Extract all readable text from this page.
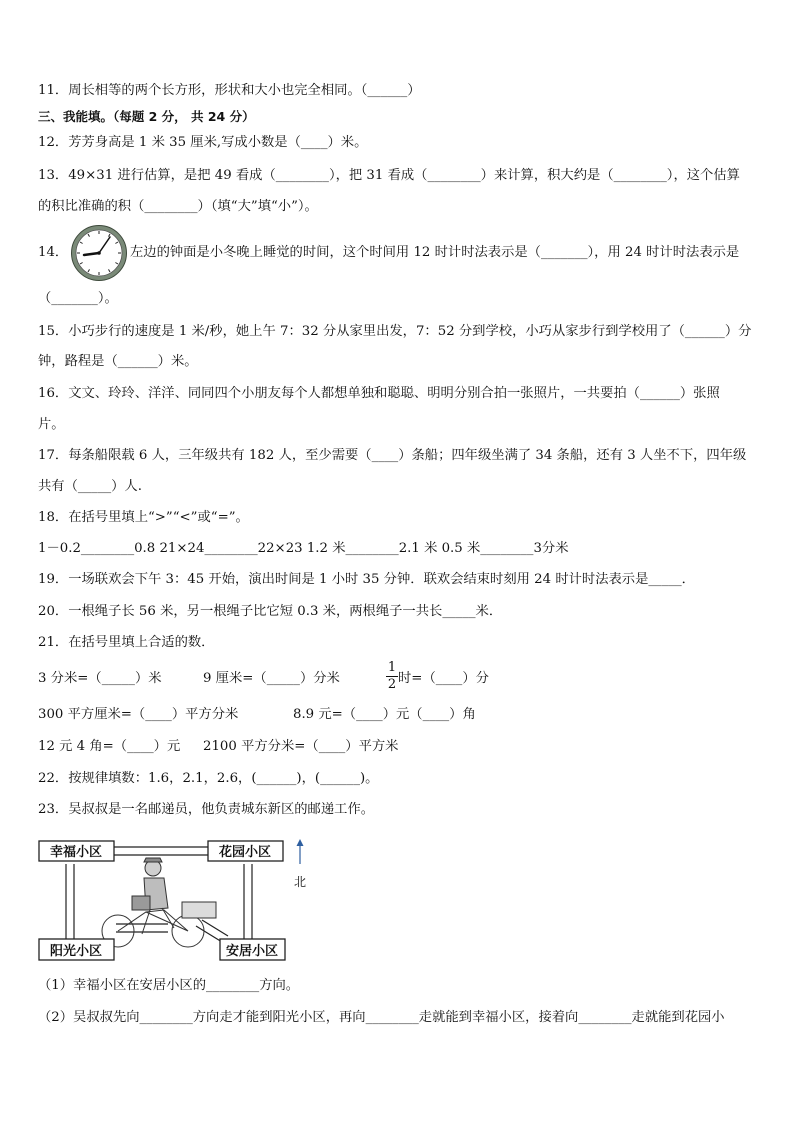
11．周长相等的两个长方形，形状和大小也完全相同。（______）
三、我能填。（每题 2 分， 共 24 分）
12．芳芳身高是 1 米 35 厘米,写成小数是（____）米。
13．49×31 进行估算，是把 49 看成（________），把 31 看成（________）来计算，积大约是（________），这个估算
的积比准确的积（________）（填“大”填“小”）。
14．	左边的钟面是小冬晚上睡觉的时间，这个时间用 12 时计时法表示是（_______），用 24 时计时法表示是
（_______）。
15．小巧步行的速度是 1 米/秒，她上午 7：32 分从家里出发，7：52 分到学校，小巧从家步行到学校用了（______）分
钟，路程是（______）米。
16．文文、玲玲、洋洋、同同四个小朋友每个人都想单独和聪聪、明明分别合拍一张照片，一共要拍（______）张照
片。
17．每条船限载 6 人，三年级共有 182 人，至少需要（____）条船；四年级坐满了 34 条船，还有 3 人坐不下，四年级
共有（_____）人.
18．在括号里填上“>”“<”或“=”。
1－0.2________0.8 21×24________22×23 1.2 米________2.1 米 0.5 米________3分米
19．一场联欢会下午 3：45 开始，演出时间是 1 小时 35 分钟．联欢会结束时刻用 24 时计时法表示是_____．
20．一根绳子长 56 米，另一根绳子比它短 0.3 米，两根绳子一共长_____米．
21．在括号里填上合适的数．
3 分米=（_____）米	9 厘米=（_____）分米	$\frac{1}{2}$ 时=（____）分
300 平方厘米=（____）平方分米	8.9 元=（____）元（____）角
12 元 4 角=（____）元 2100 平方分米=（____）平方米
22．按规律填数：1.6，2.1，2.6，(______)，(______)。
23．吴叔叔是一名邮递员，他负责城东新区的邮递工作。
幸福小区	花园小区
阳光小区	安居小区
北
（1）幸福小区在安居小区的________方向。
（2）吴叔叔先向________方向走才能到阳光小区，再向________走就能到幸福小区，接着向________走就能到花园小
